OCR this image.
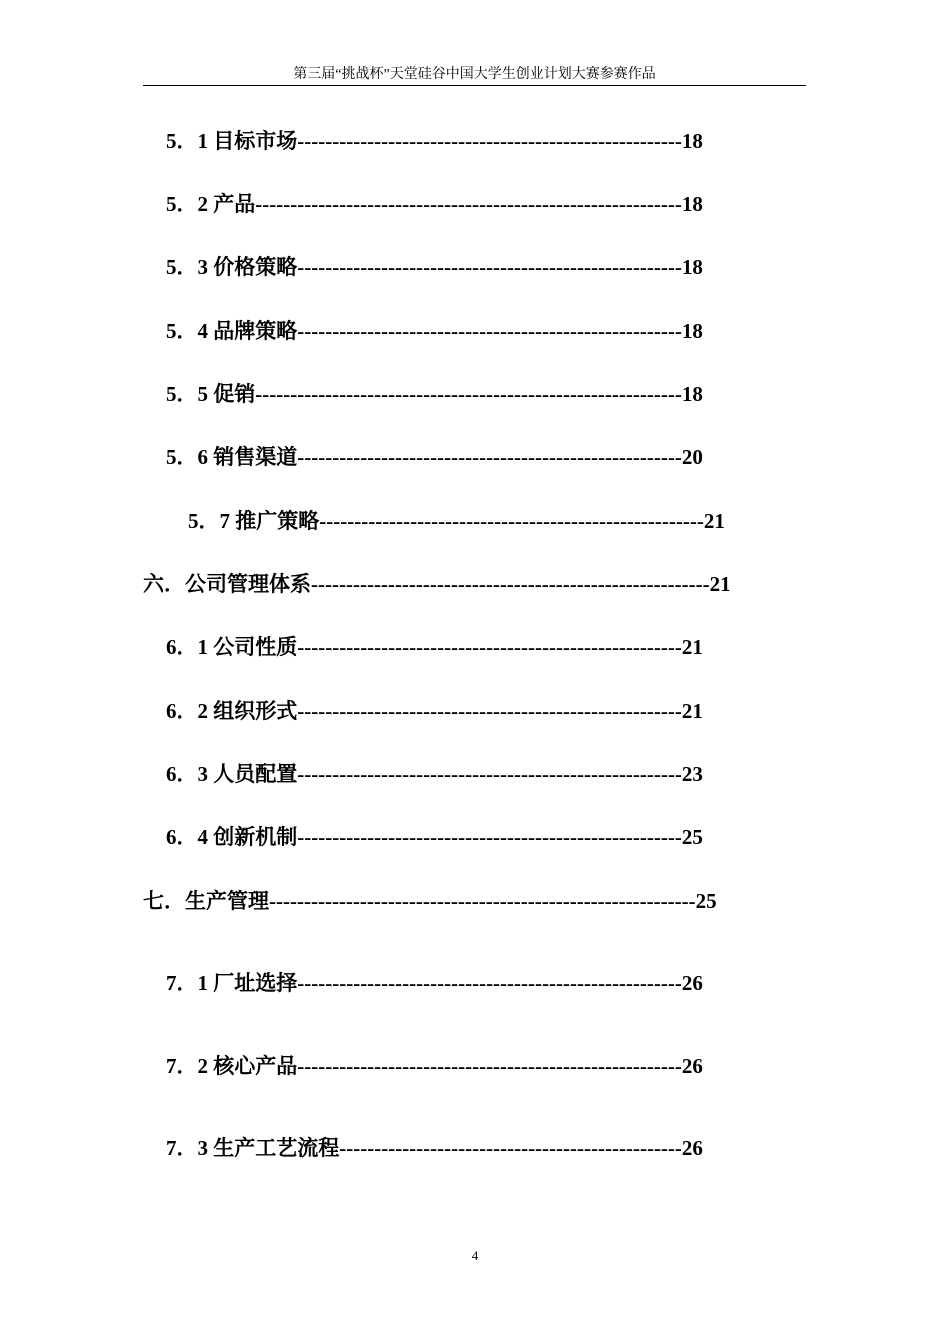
第三届“挑战杯”天堂硅谷中国大学生创业计划大赛参赛作品
5．1 目标市场-------------------------------------------------------18
5．2 产品-------------------------------------------------------------18
5．3 价格策略-------------------------------------------------------18
5．4 品牌策略-------------------------------------------------------18
5．5 促销-------------------------------------------------------------18
5．6 销售渠道-------------------------------------------------------20
5．7 推广策略-------------------------------------------------------21
六．公司管理体系---------------------------------------------------------21
6．1 公司性质-------------------------------------------------------21
6．2 组织形式-------------------------------------------------------21
6．3 人员配置-------------------------------------------------------23
6．4 创新机制-------------------------------------------------------25
七．生产管理-------------------------------------------------------------25
7．1 厂址选择-------------------------------------------------------26
7．2 核心产品-------------------------------------------------------26
7．3 生产工艺流程-------------------------------------------------26
4
